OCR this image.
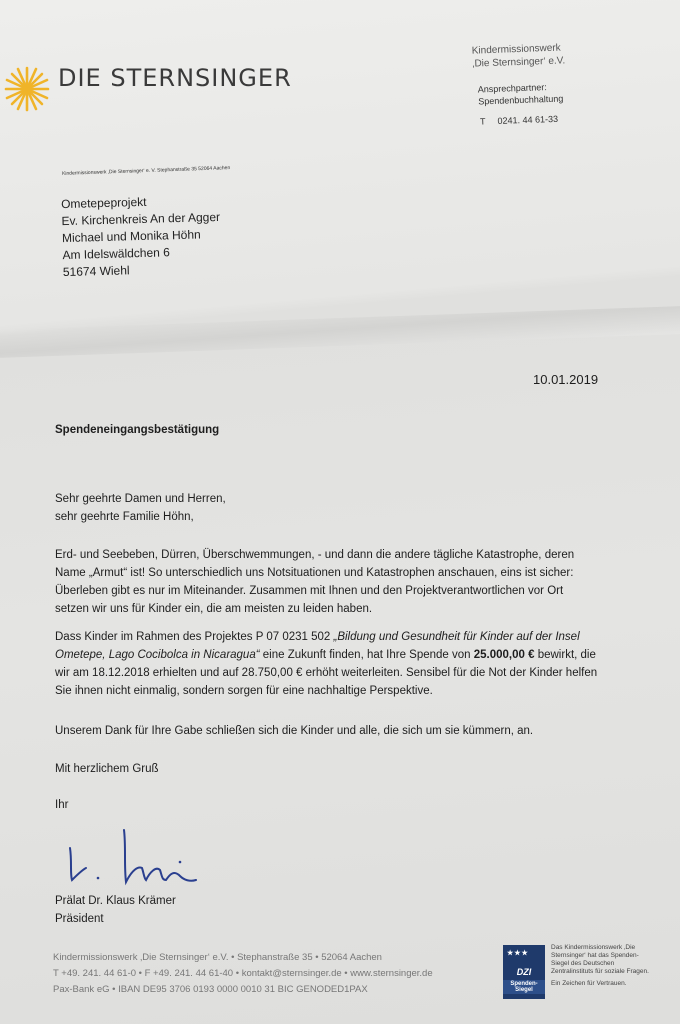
DIE STERNSINGER
Kindermissionswerk
‚Die Sternsinger‘ e.V.
Ansprechpartner:
Spendenbuchhaltung
T 0241. 44 61-33
Kindermissionswerk ‚Die Sternsinger‘ e. V. Stephanstraße 35 52064 Aachen
Ometepeprojekt
Ev. Kirchenkreis An der Agger
Michael und Monika Höhn
Am Idelswäldchen 6
51674 Wiehl
10.01.2019
Spendeneingangsbestätigung
Sehr geehrte Damen und Herren,
sehr geehrte Familie Höhn,
Erd- und Seebeben, Dürren, Überschwemmungen, - und dann die andere tägliche Katastrophe, deren Name „Armut“ ist! So unterschiedlich uns Notsituationen und Katastrophen anschauen, eins ist sicher: Überleben gibt es nur im Miteinander. Zusammen mit Ihnen und den Projektverantwortlichen vor Ort setzen wir uns für Kinder ein, die am meisten zu leiden haben.
Dass Kinder im Rahmen des Projektes P 07 0231 502 „Bildung und Gesundheit für Kinder auf der Insel Ometepe, Lago Cocibolca in Nicaragua“ eine Zukunft finden, hat Ihre Spende von 25.000,00 € bewirkt, die wir am 18.12.2018 erhielten und auf 28.750,00 € erhöht weiterleiten. Sensibel für die Not der Kinder helfen Sie ihnen nicht einmalig, sondern sorgen für eine nachhaltige Perspektive.
Unserem Dank für Ihre Gabe schließen sich die Kinder und alle, die sich um sie kümmern, an.
Mit herzlichem Gruß
Ihr
Prälat Dr. Klaus Krämer
Präsident
Kindermissionswerk ‚Die Sternsinger‘ e.V. • Stephanstraße 35 • 52064 Aachen
T +49. 241. 44 61-0 • F +49. 241. 44 61-40 • kontakt@sternsinger.de • www.sternsinger.de
Pax-Bank eG • IBAN DE95 3706 0193 0000 0010 31 BIC GENODED1PAX
★★★
DZI
Spenden-Siegel
Das Kindermissionswerk ‚Die Sternsinger‘ hat das Spenden-Siegel des Deutschen Zentralinstituts für soziale Fragen.
Ein Zeichen für Vertrauen.
